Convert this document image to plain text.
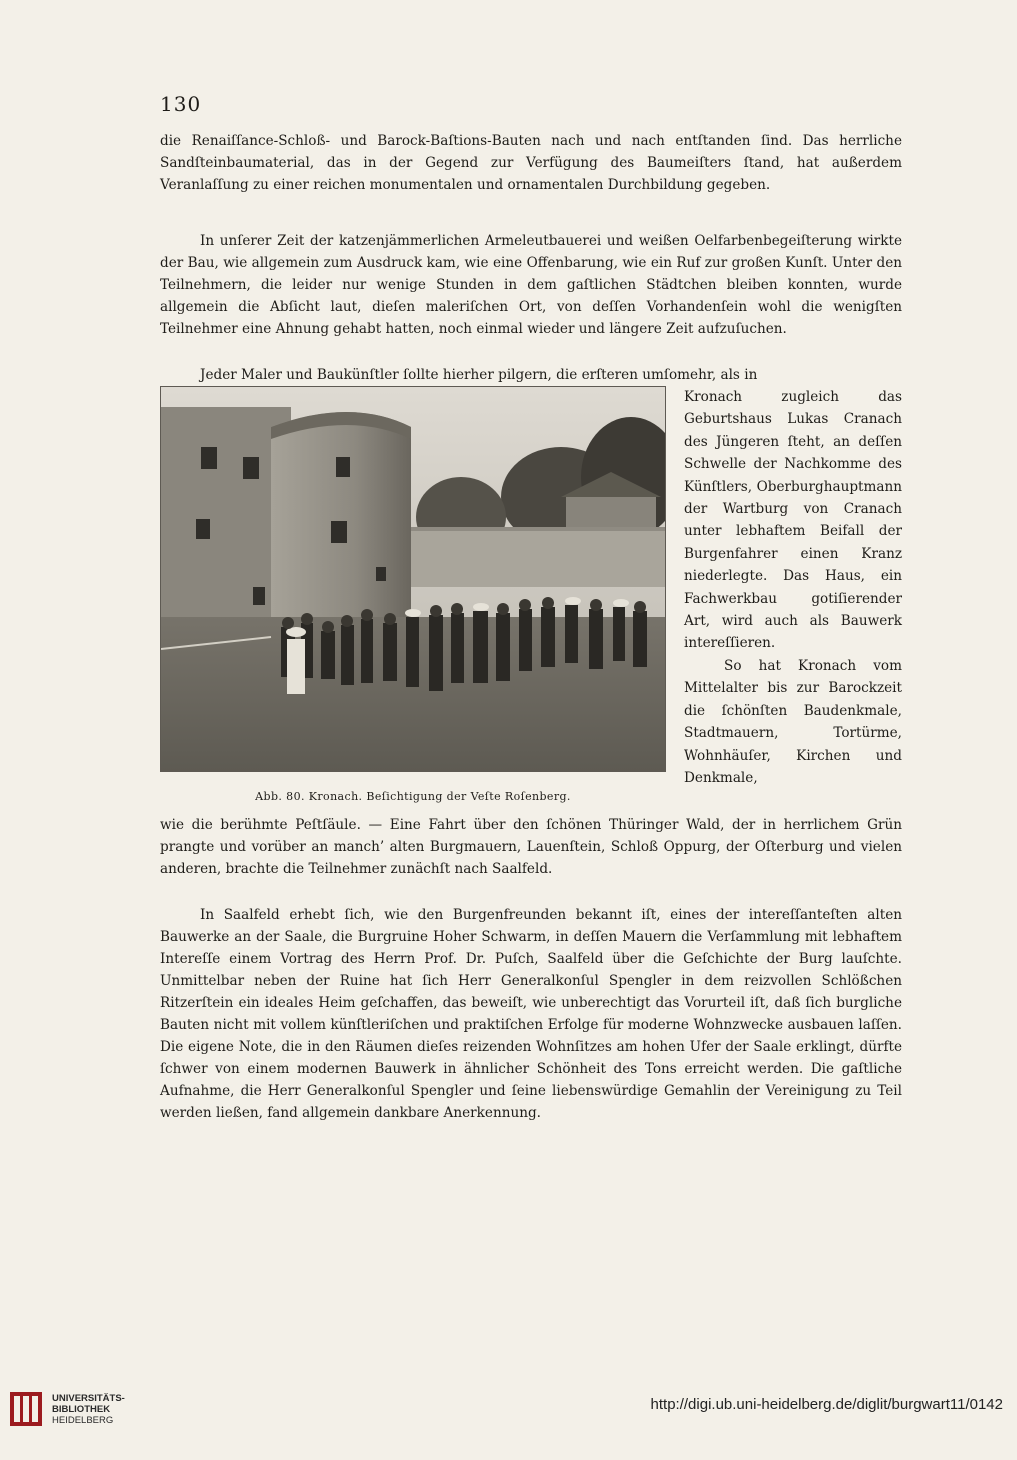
130

die Renaiſſance-Schloß- und Barock-Baſtions-Bauten nach und nach entſtanden ſind. Das herrliche Sandſteinbaumaterial, das in der Gegend zur Verfügung des Baumeiſters ſtand, hat außerdem Veranlaſſung zu einer reichen monumentalen und ornamentalen Durchbildung gegeben.

In unſerer Zeit der katzenjämmerlichen Armeleutbauerei und weißen Oelfarbenbegeiſterung wirkte der Bau, wie allgemein zum Ausdruck kam, wie eine Offenbarung, wie ein Ruf zur großen Kunſt. Unter den Teilnehmern, die leider nur wenige Stunden in dem gaſtlichen Städtchen bleiben konnten, wurde allgemein die Abſicht laut, dieſen maleriſchen Ort, von deſſen Vorhandenſein wohl die wenigſten Teilnehmer eine Ahnung gehabt hatten, noch einmal wieder und längere Zeit aufzuſuchen.

Jeder Maler und Baukünſtler ſollte hierher pilgern, die erſteren umſomehr, als in

Abb. 80. Kronach. Beſichtigung der Veſte Roſenberg.

Kronach zugleich das Geburtshaus Lukas Cranach des Jüngeren ſteht, an deſſen Schwelle der Nachkomme des Künſtlers, Oberburghauptmann der Wartburg von Cranach unter lebhaftem Beifall der Burgenfahrer einen Kranz niederlegte. Das Haus, ein Fachwerkbau gotiſierender Art, wird auch als Bauwerk intereſſieren.

So hat Kronach vom Mittelalter bis zur Barockzeit die ſchönſten Baudenkmale, Stadtmauern, Tortürme, Wohnhäuſer, Kirchen und Denkmale,

wie die berühmte Peſtſäule. — Eine Fahrt über den ſchönen Thüringer Wald, der in herrlichem Grün prangte und vorüber an manch’ alten Burgmauern, Lauenſtein, Schloß Oppurg, der Oſterburg und vielen anderen, brachte die Teilnehmer zunächſt nach Saalfeld.

In Saalfeld erhebt ſich, wie den Burgenfreunden bekannt iſt, eines der intereſſanteſten alten Bauwerke an der Saale, die Burgruine Hoher Schwarm, in deſſen Mauern die Verſammlung mit lebhaftem Intereſſe einem Vortrag des Herrn Prof. Dr. Puſch, Saalfeld über die Geſchichte der Burg lauſchte. Unmittelbar neben der Ruine hat ſich Herr Generalkonſul Spengler in dem reizvollen Schlößchen Ritzerſtein ein ideales Heim geſchaffen, das beweiſt, wie unberechtigt das Vorurteil iſt, daß ſich burgliche Bauten nicht mit vollem künſtleriſchen und praktiſchen Erfolge für moderne Wohnzwecke ausbauen laſſen. Die eigene Note, die in den Räumen dieſes reizenden Wohnſitzes am hohen Ufer der Saale erklingt, dürfte ſchwer von einem modernen Bauwerk in ähnlicher Schönheit des Tons erreicht werden. Die gaſtliche Aufnahme, die Herr Generalkonſul Spengler und ſeine liebenswürdige Gemahlin der Vereinigung zu Teil werden ließen, fand allgemein dankbare Anerkennung.

UNIVERSITÄTS-
BIBLIOTHEK
HEIDELBERG
http://digi.ub.uni-heidelberg.de/diglit/burgwart11/0142
